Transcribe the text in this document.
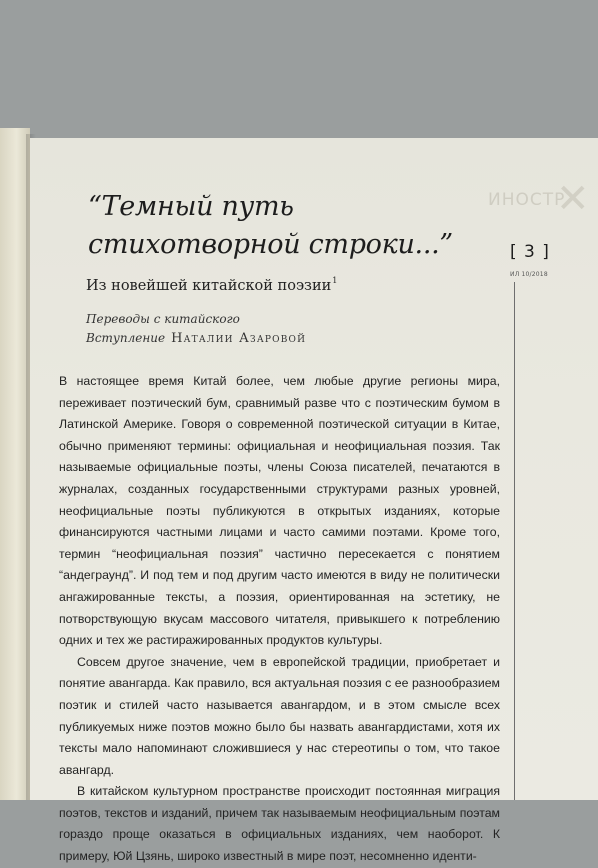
ИНОСТР
✕
“Темный путь стихотворной строки...”
Из новейшей китайской поэзии$^1$
Переводы с китайского
Вступление Наталии Азаровой
[ 3 ]
ИЛ 10/2018

В настоящее время Китай более, чем любые другие регионы мира, переживает поэтический бум, сравнимый разве что с поэтическим бумом в Латинской Америке. Говоря о современной поэтической ситуации в Китае, обычно применяют термины: официальная и неофициальная поэзия. Так называемые официальные поэты, члены Союза писателей, печатаются в журналах, созданных государственными структурами разных уровней, неофициальные поэты публикуются в открытых изданиях, которые финансируются частными лицами и часто самими поэтами. Кроме того, термин “неофициальная поэзия” частично пересекается с понятием “андеграунд”. И под тем и под другим часто имеются в виду не политически ангажированные тексты, а поэзия, ориентированная на эстетику, не потворствующую вкусам массового читателя, привыкшего к потреблению одних и тех же растиражированных продуктов культуры.

Совсем другое значение, чем в европейской традиции, приобретает и понятие авангарда. Как правило, вся актуальная поэзия с ее разнообразием поэтик и стилей часто называется авангардом, и в этом смысле всех публикуемых ниже поэтов можно было бы назвать авангардистами, хотя их тексты мало напоминают сложившиеся у нас стереотипы о том, что такое авангард.

В китайском культурном пространстве происходит постоянная миграция поэтов, текстов и изданий, причем так называемым неофициальным поэтам гораздо проще оказаться в официальных изданиях, чем наоборот. К примеру, Юй Цзянь, широко известный в мире поэт, несомненно иденти-
